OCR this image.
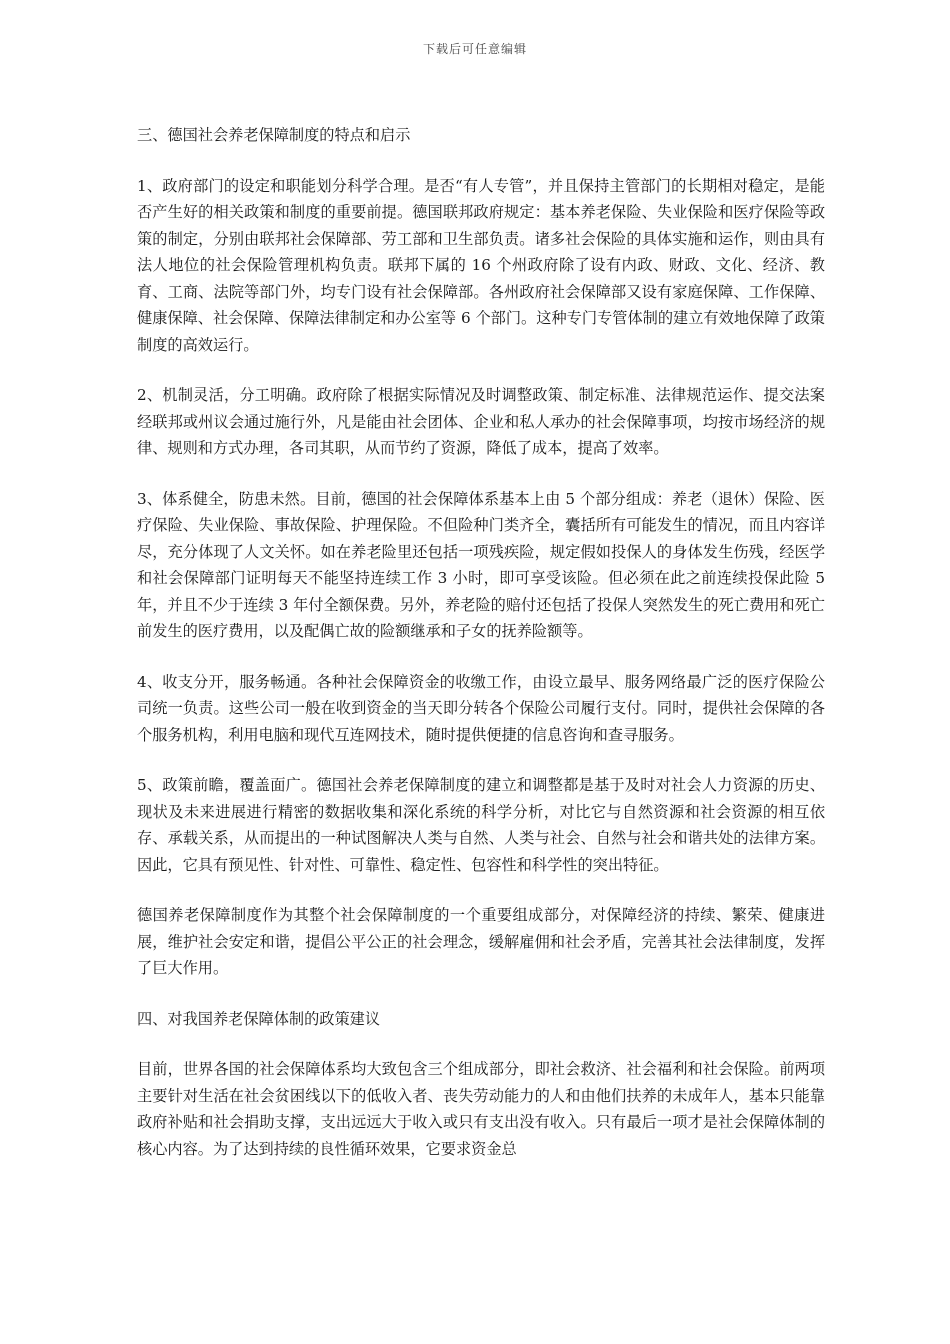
下载后可任意编辑

三、德国社会养老保障制度的特点和启示

1、政府部门的设定和职能划分科学合理。是否“有人专管”，并且保持主管部门的长期相对稳定，是能否产生好的相关政策和制度的重要前提。德国联邦政府规定：基本养老保险、失业保险和医疗保险等政策的制定，分别由联邦社会保障部、劳工部和卫生部负责。诸多社会保险的具体实施和运作，则由具有法人地位的社会保险管理机构负责。联邦下属的 16 个州政府除了设有内政、财政、文化、经济、教育、工商、法院等部门外，均专门设有社会保障部。各州政府社会保障部又设有家庭保障、工作保障、健康保障、社会保障、保障法律制定和办公室等 6 个部门。这种专门专管体制的建立有效地保障了政策制度的高效运行。

2、机制灵活，分工明确。政府除了根据实际情况及时调整政策、制定标准、法律规范运作、提交法案经联邦或州议会通过施行外，凡是能由社会团体、企业和私人承办的社会保障事项，均按市场经济的规律、规则和方式办理，各司其职，从而节约了资源，降低了成本，提高了效率。

3、体系健全，防患未然。目前，德国的社会保障体系基本上由 5 个部分组成：养老（退休）保险、医疗保险、失业保险、事故保险、护理保险。不但险种门类齐全，囊括所有可能发生的情况，而且内容详尽，充分体现了人文关怀。如在养老险里还包括一项残疾险，规定假如投保人的身体发生伤残，经医学和社会保障部门证明每天不能坚持连续工作 3 小时，即可享受该险。但必须在此之前连续投保此险 5 年，并且不少于连续 3 年付全额保费。另外，养老险的赔付还包括了投保人突然发生的死亡费用和死亡前发生的医疗费用，以及配偶亡故的险额继承和子女的抚养险额等。

4、收支分开，服务畅通。各种社会保障资金的收缴工作，由设立最早、服务网络最广泛的医疗保险公司统一负责。这些公司一般在收到资金的当天即分转各个保险公司履行支付。同时，提供社会保障的各个服务机构，利用电脑和现代互连网技术，随时提供便捷的信息咨询和查寻服务。

5、政策前瞻，覆盖面广。德国社会养老保障制度的建立和调整都是基于及时对社会人力资源的历史、现状及未来进展进行精密的数据收集和深化系统的科学分析，对比它与自然资源和社会资源的相互依存、承载关系，从而提出的一种试图解决人类与自然、人类与社会、自然与社会和谐共处的法律方案。因此，它具有预见性、针对性、可靠性、稳定性、包容性和科学性的突出特征。

德国养老保障制度作为其整个社会保障制度的一个重要组成部分，对保障经济的持续、繁荣、健康进展，维护社会安定和谐，提倡公平公正的社会理念，缓解雇佣和社会矛盾，完善其社会法律制度，发挥了巨大作用。

四、对我国养老保障体制的政策建议

目前，世界各国的社会保障体系均大致包含三个组成部分，即社会救济、社会福利和社会保险。前两项主要针对生活在社会贫困线以下的低收入者、丧失劳动能力的人和由他们扶养的未成年人，基本只能靠政府补贴和社会捐助支撑，支出远远大于收入或只有支出没有收入。只有最后一项才是社会保障体制的核心内容。为了达到持续的良性循环效果，它要求资金总
